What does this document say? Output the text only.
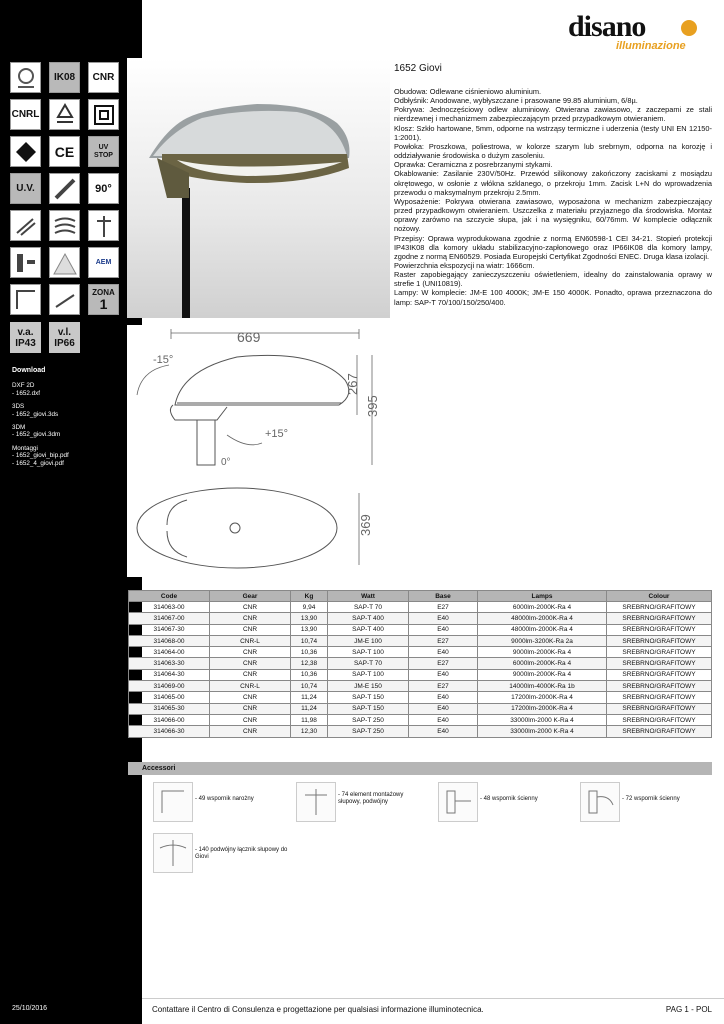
IK08	CNR
CNRL
CE	UV STOP
U.V.	90°
AEM
ZONA
1
v.a.
IP43
v.l.
IP66
Download
DXF 2D
- 1652.dxf
3DS
- 1652_giovi.3ds
3DM
- 1652_giovi.3dm
Montaggi
- 1652_giovi_bip.pdf
- 1652_4_giovi.pdf
25/10/2016
disano
illuminazione
1652 Giovi

Obudowa: Odlewane ciśnieniowo aluminium.

Odbłyśnik: Anodowane, wybłyszczane i prasowane 99.85 aluminium, 6/8µ.

Pokrywa: Jednoczęściowy odlew aluminiowy. Otwierana zawiasowo, z zaczepami ze stali nierdzewnej i mechanizmem zabezpieczającym przed przypadkowym otwieraniem.

Klosz: Szkło hartowane, 5mm, odporne na wstrząsy termiczne i uderzenia (testy UNI EN 12150-1:2001).

Powłoka: Proszkowa, poliestrowa, w kolorze szarym lub srebrnym, odporna na korozję i oddziaływanie środowiska o dużym zasoleniu.

Oprawka: Ceramiczna z posrebrzanymi stykami.

Okablowanie: Zasilanie 230V/50Hz. Przewód silikonowy zakończony zaciskami z mosiądzu okrętowego, w osłonie z włókna szklanego, o przekroju 1mm. Zacisk L+N do wprowadzenia przewodu o maksymalnym przekroju 2.5mm.

Wyposażenie: Pokrywa otwierana zawiasowo, wyposażona w mechanizm zabezpieczający przed przypadkowym otwieraniem. Uszczelka z materiału przyjaznego dla środowiska. Montaż oprawy zarówno na szczycie słupa, jak i na wysięgniku, 60/76mm. W komplecie odłącznik nożowy.

Przepisy: Oprawa wyprodukowana zgodnie z normą EN60598-1 CEI 34-21. Stopień protekcji IP43IK08 dla komory układu stabilizacyjno-zapłonowego oraz IP66IK08 dla komory lampy, zgodne z normą EN60529. Posiada Europejski Certyfikat Zgodności ENEC. Druga klasa izolacji.

Powierzchnia ekspozycji na wiatr: 1666cm.

Raster zapobiegający zanieczyszczeniu oświetleniem, idealny do zainstalowania oprawy w strefie 1 (UNI10819).

Lampy: W komplecie: JM-E 100 4000K; JM-E 150 4000K. Ponadto, oprawa przeznaczona do lamp: SAP-T 70/100/150/250/400.

669
-15°
+15°
0°
267
395
369
Code	Gear	Kg	Watt	Base	Lamps	Colour
314063-00	CNR	9,94	SAP-T 70	E27	6000lm-2000K-Ra 4	SREBRNO/GRAFITOWY
314067-00	CNR	13,90	SAP-T 400	E40	48000lm-2000K-Ra 4	SREBRNO/GRAFITOWY
314067-30	CNR	13,90	SAP-T 400	E40	48000lm-2000K-Ra 4	SREBRNO/GRAFITOWY
314068-00	CNR-L	10,74	JM-E 100	E27	9000lm-3200K-Ra 2a	SREBRNO/GRAFITOWY
314064-00	CNR	10,36	SAP-T 100	E40	9000lm-2000K-Ra 4	SREBRNO/GRAFITOWY
314063-30	CNR	12,38	SAP-T 70	E27	6000lm-2000K-Ra 4	SREBRNO/GRAFITOWY
314064-30	CNR	10,36	SAP-T 100	E40	9000lm-2000K-Ra 4	SREBRNO/GRAFITOWY
314069-00	CNR-L	10,74	JM-E 150	E27	14000lm-4000K-Ra 1b	SREBRNO/GRAFITOWY
314065-00	CNR	11,24	SAP-T 150	E40	17200lm-2000K-Ra 4	SREBRNO/GRAFITOWY
314065-30	CNR	11,24	SAP-T 150	E40	17200lm-2000K-Ra 4	SREBRNO/GRAFITOWY
314066-00	CNR	11,98	SAP-T 250	E40	33000lm-2000 K-Ra 4	SREBRNO/GRAFITOWY
314066-30	CNR	12,30	SAP-T 250	E40	33000lm-2000 K-Ra 4	SREBRNO/GRAFITOWY
Accessori
- 49 wspornik narożny
- 74 element montażowy słupowy, podwójny	- 48 wspornik ścienny	- 72 wspornik ścienny
- 140 podwójny łącznik słupowy do Giovi
Contattare il Centro di Consulenza e progettazione per qualsiasi informazione illuminotecnica.	PAG 1 - POL
